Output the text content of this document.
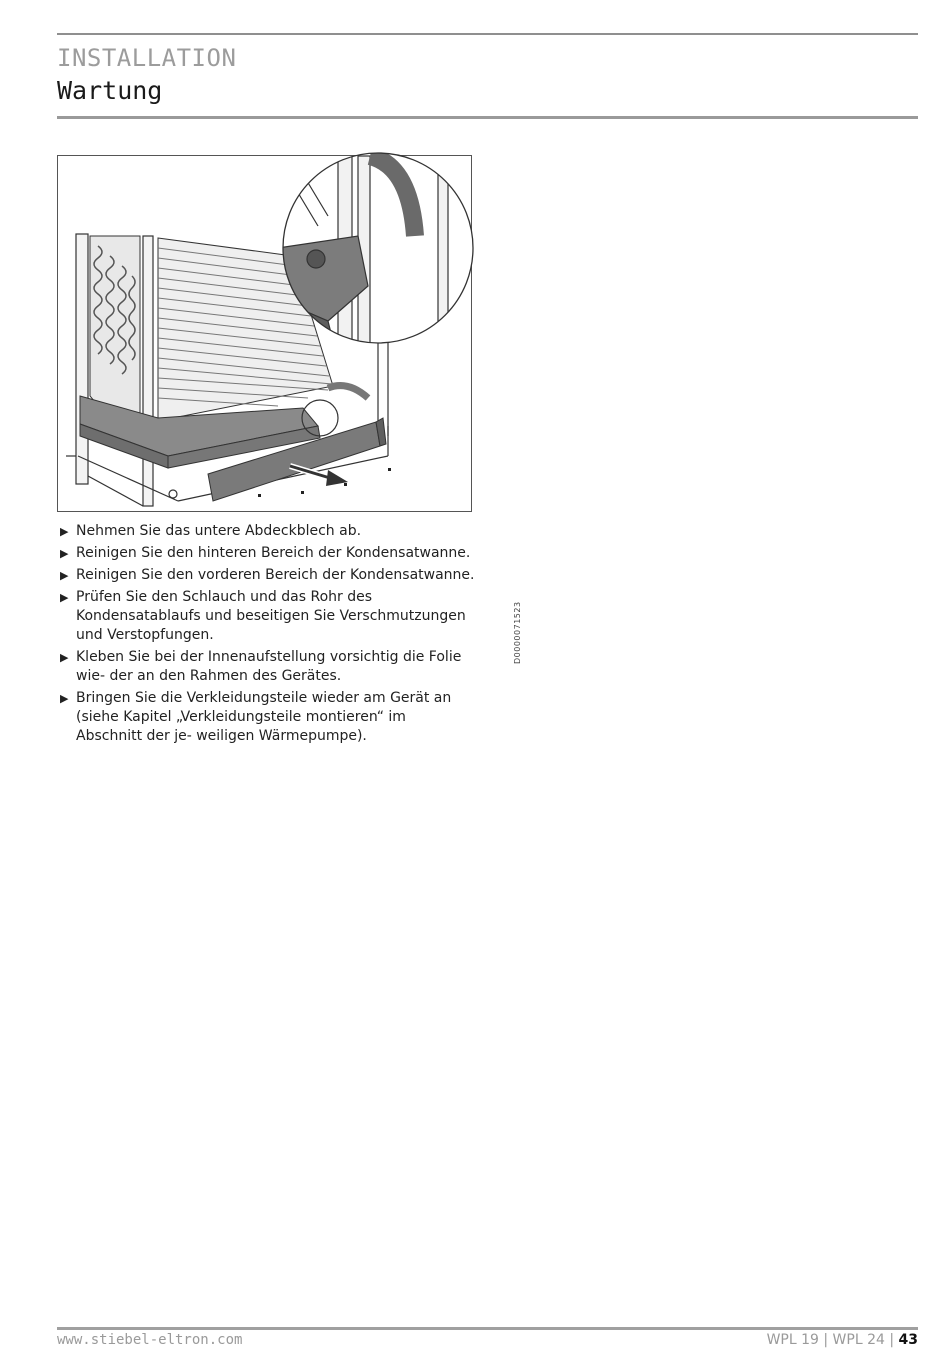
INSTALLATION
Wartung
D0000071523
▶ Nehmen Sie das untere Abdeckblech ab.
▶ Reinigen Sie den hinteren Bereich der Kondensatwanne.
▶ Reinigen Sie den vorderen Bereich der Kondensatwanne.
▶ Prüfen Sie den Schlauch und das Rohr des Kondensatablaufs und beseitigen Sie Verschmutzungen und Verstopfungen.
▶ Kleben Sie bei der Innenaufstellung vorsichtig die Folie wie- der an den Rahmen des Gerätes.
▶ Bringen Sie die Verkleidungsteile wieder am Gerät an (siehe Kapitel „Verkleidungsteile montieren“ im Abschnitt der je- weiligen Wärmepumpe).
www.stiebel-eltron.com	WPL 19 | WPL 24 | 43
